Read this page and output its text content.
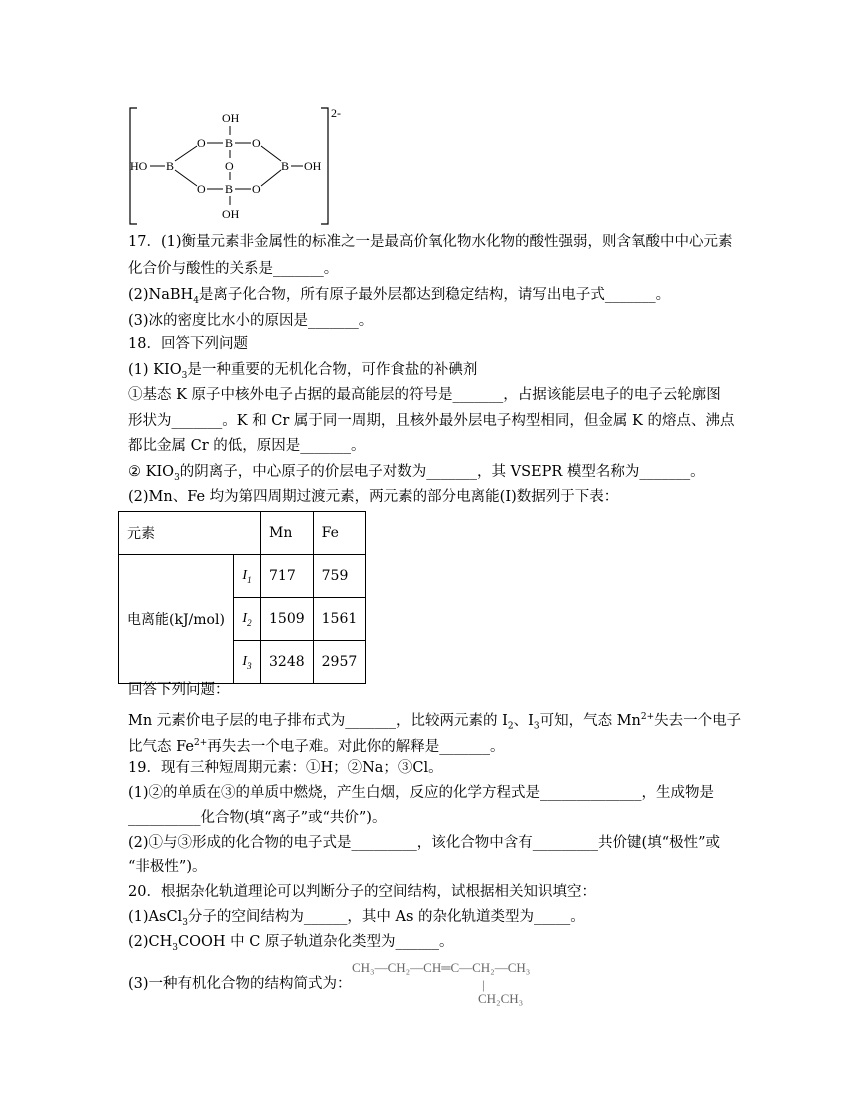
2-
OH
B
O	O
O
B
O	O
OH
HO B	B OH
17．(1)衡量元素非金属性的标准之一是最高价氧化物水化物的酸性强弱，则含氧酸中中心元素
化合价与酸性的关系是_______。
(2)NaBH$_4$是离子化合物，所有原子最外层都达到稳定结构，请写出电子式_______。
(3)冰的密度比水小的原因是_______。
18．回答下列问题
(1) $KIO_3$是一种重要的无机化合物，可作食盐的补碘剂
①基态 K 原子中核外电子占据的最高能层的符号是_______，占据该能层电子的电子云轮廓图
形状为_______。K 和 Cr 属于同一周期，且核外最外层电子构型相同，但金属 K 的熔点、沸点
都比金属 Cr 的低，原因是_______。
② $KIO_3$的阴离子，中心原子的价层电子对数为_______，其 VSEPR 模型名称为_______。
(2)Mn、Fe 均为第四周期过渡元素，两元素的部分电离能(I)数据列于下表：
元素		Mn	Fe
电离能(kJ/mol)	$I_1$	717	759
	$I_2$	1509	1561
	$I_3$	3248	2957
回答下列问题：
Mn 元素价电子层的电子排布式为_______，比较两元素的 $I_2$、$I_3$可知，气态 $Mn^{2+}$失去一个电子
比气态 $Fe^{2+}$再失去一个电子难。对此你的解释是_______。
19．现有三种短周期元素：①H；②Na；③Cl。
(1)②的单质在③的单质中燃烧，产生白烟，反应的化学方程式是______________，生成物是
__________化合物(填“离子”或“共价”)。
(2)①与③形成的化合物的电子式是_________，该化合物中含有_________共价键(填“极性”或
“非极性”)。
20．根据杂化轨道理论可以判断分子的空间结构，试根据相关知识填空：
(1)AsCl$_3$分子的空间结构为______，其中 As 的杂化轨道类型为_____。
$(2)CH_3COOH$ 中 C 原子轨道杂化类型为______。
(3)一种有机化合物的结构简式为：
CH₃—CH₂—CH═C—CH₂—CH₃
|
CH₂CH₃
